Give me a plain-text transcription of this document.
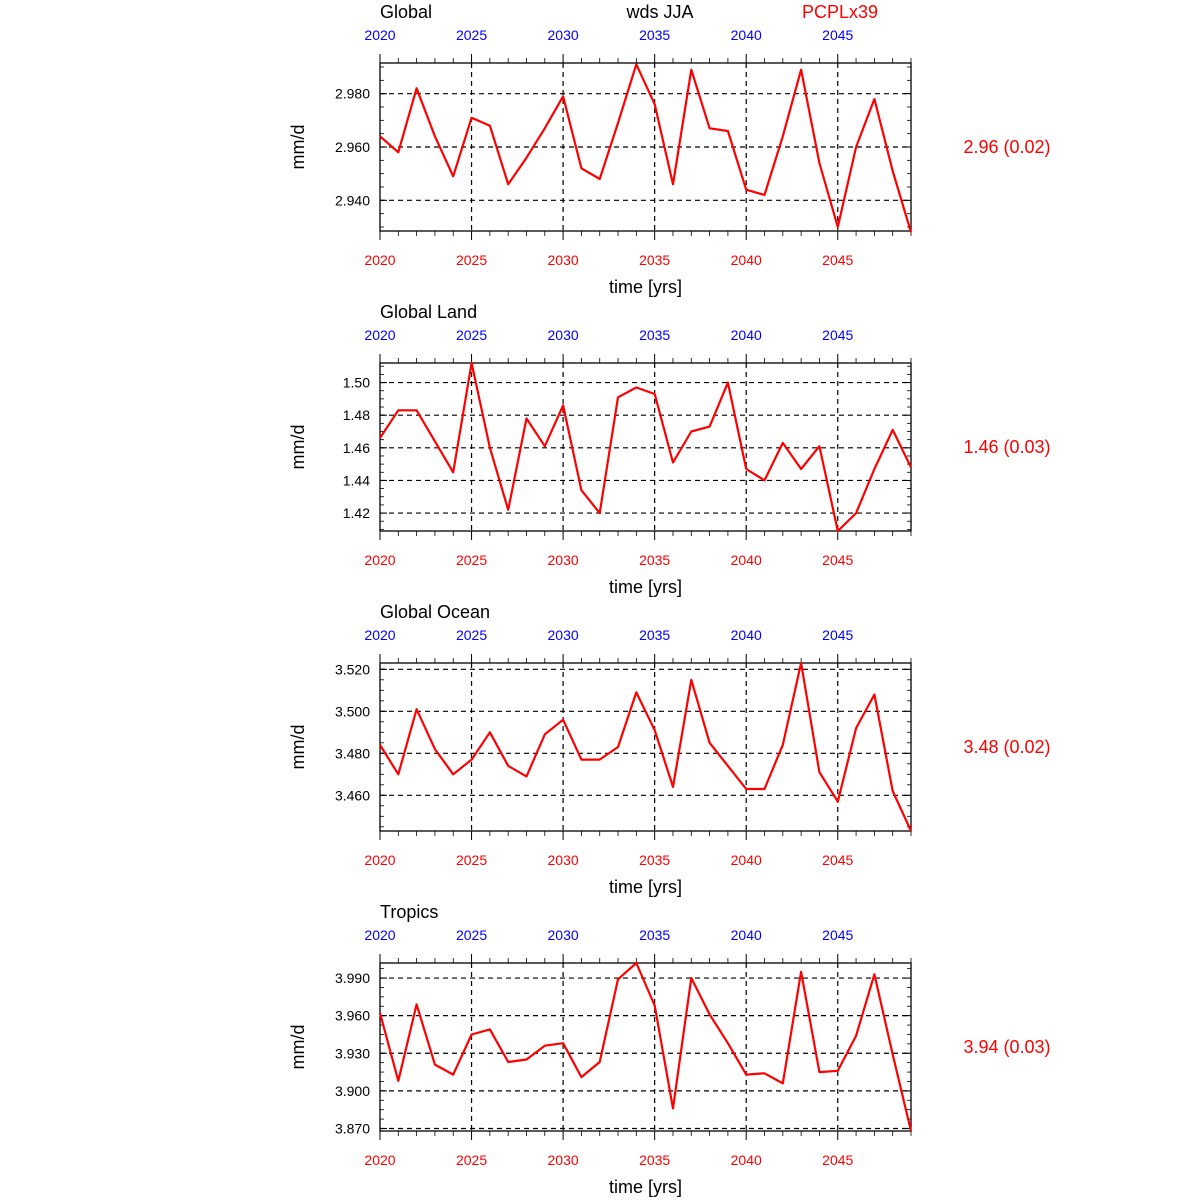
wds JJA	PCPLx39
Global
2020	2025	2030	2035	2040	2045
2020	2025	2030	2035	2040	2045
time [yrs]
mm/d	2.96 (0.02)
2.940
2.960
2.980
Global Land
2020	2025	2030	2035	2040	2045
2020	2025	2030	2035	2040	2045
time [yrs]
mm/d	1.46 (0.03)
1.42
1.44
1.46
1.48
1.50
Global Ocean
2020	2025	2030	2035	2040	2045
2020	2025	2030	2035	2040	2045
time [yrs]
mm/d	3.48 (0.02)
3.460
3.480
3.500
3.520
Tropics
2020	2025	2030	2035	2040	2045
2020	2025	2030	2035	2040	2045
time [yrs]
mm/d	3.94 (0.03)
3.870
3.900
3.930
3.960
3.990
